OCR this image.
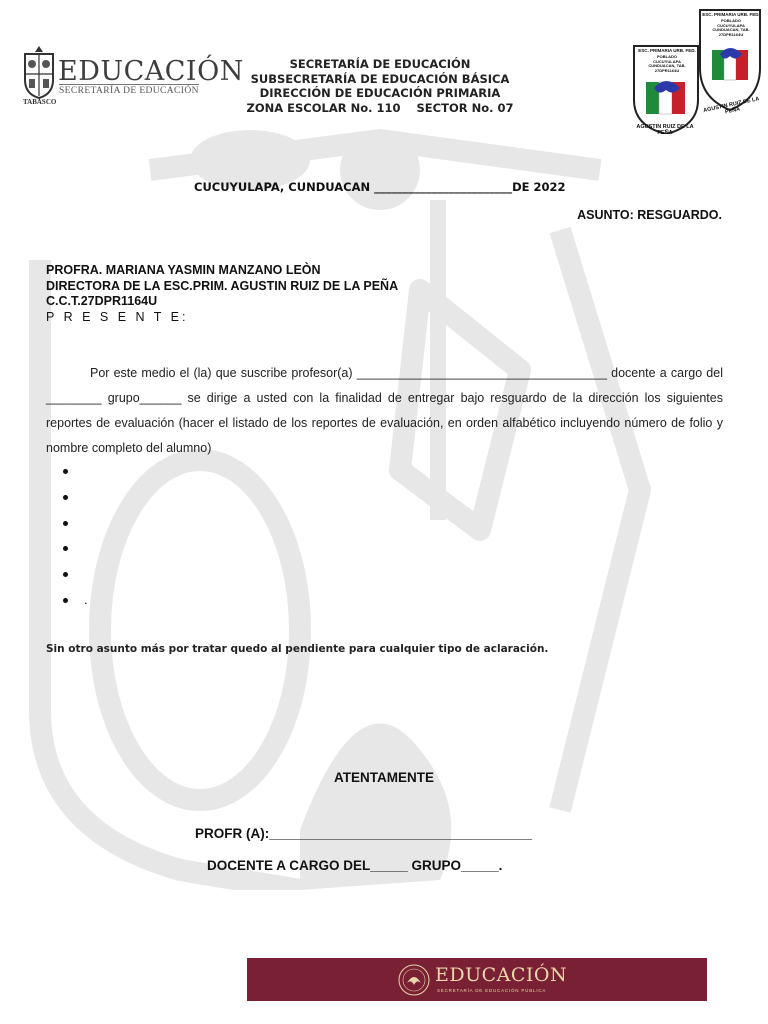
EDUCACIÓN
SECRETARÍA DE EDUCACIÓN
TABASCO
SECRETARÍA DE EDUCACIÓN
SUBSECRETARÍA DE EDUCACIÓN BÁSICA
DIRECCIÓN DE EDUCACIÓN PRIMARIA
ZONA ESCOLAR No. 110    SECTOR No. 07
ESC. PRIMARIA URB. FED.
POBLADO
CUCUYULAPA
CUNDUACAN, TAB.
27DPR1164U
ESC. PRIMARIA URB. FED.
POBLADO
CUCUYULAPA
CUNDUACAN, TAB.
27DPR1164U
AGUSTIN RUIZ DE LA PEÑA
AGUSTIN RUIZ DE LA PEÑA
CUCUYULAPA, CUNDUACAN ________________________DE 2022
ASUNTO: RESGUARDO.
PROFRA. MARIANA YASMIN MANZANO LEÒN
DIRECTORA DE LA ESC.PRIM. AGUSTIN RUIZ DE LA PEÑA
C.C.T.27DPR1164U
P R E S E N T E:

Por este medio el (la) que suscribe profesor(a) ____________________________________ docente a cargo del ________ grupo______ se dirige a usted con la finalidad de entregar bajo resguardo de la dirección los siguientes reportes de evaluación (hacer el listado de los reportes de evaluación, en orden alfabético incluyendo número de folio y nombre completo del alumno)

.
Sin otro asunto más por tratar quedo al pendiente para cualquier tipo de aclaración.
ATENTAMENTE
PROFR (A):___________________________________
DOCENTE A CARGO DEL_____ GRUPO_____.
EDUCACIÓN
SECRETARÍA DE EDUCACIÓN PÚBLICA
